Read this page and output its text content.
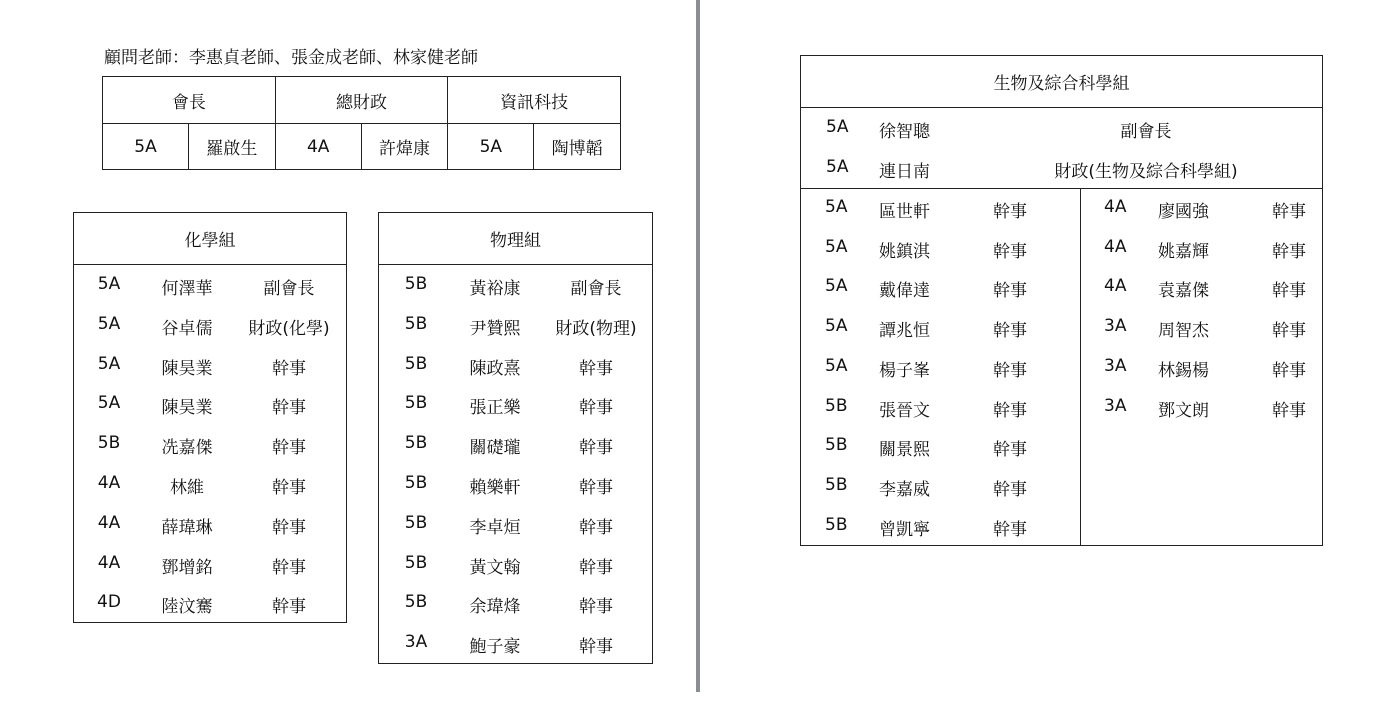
顧問老師：李惠貞老師、張金成老師、林家健老師
會長
5A	羅啟生
總財政
4A	許煒康
資訊科技
5A	陶博韜
化學組
5A	何澤華	副會長
5A	谷卓儒	財政(化學)
5A	陳昊業	幹事
5A	陳昊業	幹事
5B	冼嘉傑	幹事
4A	林維	幹事
4A	薛瑋琳	幹事
4A	鄧增銘	幹事
4D	陸汶騫	幹事
物理組
5B	黃裕康	副會長
5B	尹贊熙	財政(物理)
5B	陳政熹	幹事
5B	張正樂	幹事
5B	關礎瓏	幹事
5B	賴樂軒	幹事
5B	李卓烜	幹事
5B	黃文翰	幹事
5B	余瑋烽	幹事
3A	鮑子豪	幹事
生物及綜合科學組
5A 徐智聰	副會長
5A 連日南	財政(生物及綜合科學組)
5A 區世軒	幹事
5A 姚鎮淇	幹事
5A 戴偉達	幹事
5A 譚兆恒	幹事
5A 楊子峯	幹事
5B 張晉文	幹事
5B 關景熙	幹事
5B 李嘉威	幹事
5B 曾凱寧	幹事
4A 廖國強	幹事
4A 姚嘉輝	幹事
4A 袁嘉傑	幹事
3A 周智杰	幹事
3A 林錫楊	幹事
3A 鄧文朗	幹事
